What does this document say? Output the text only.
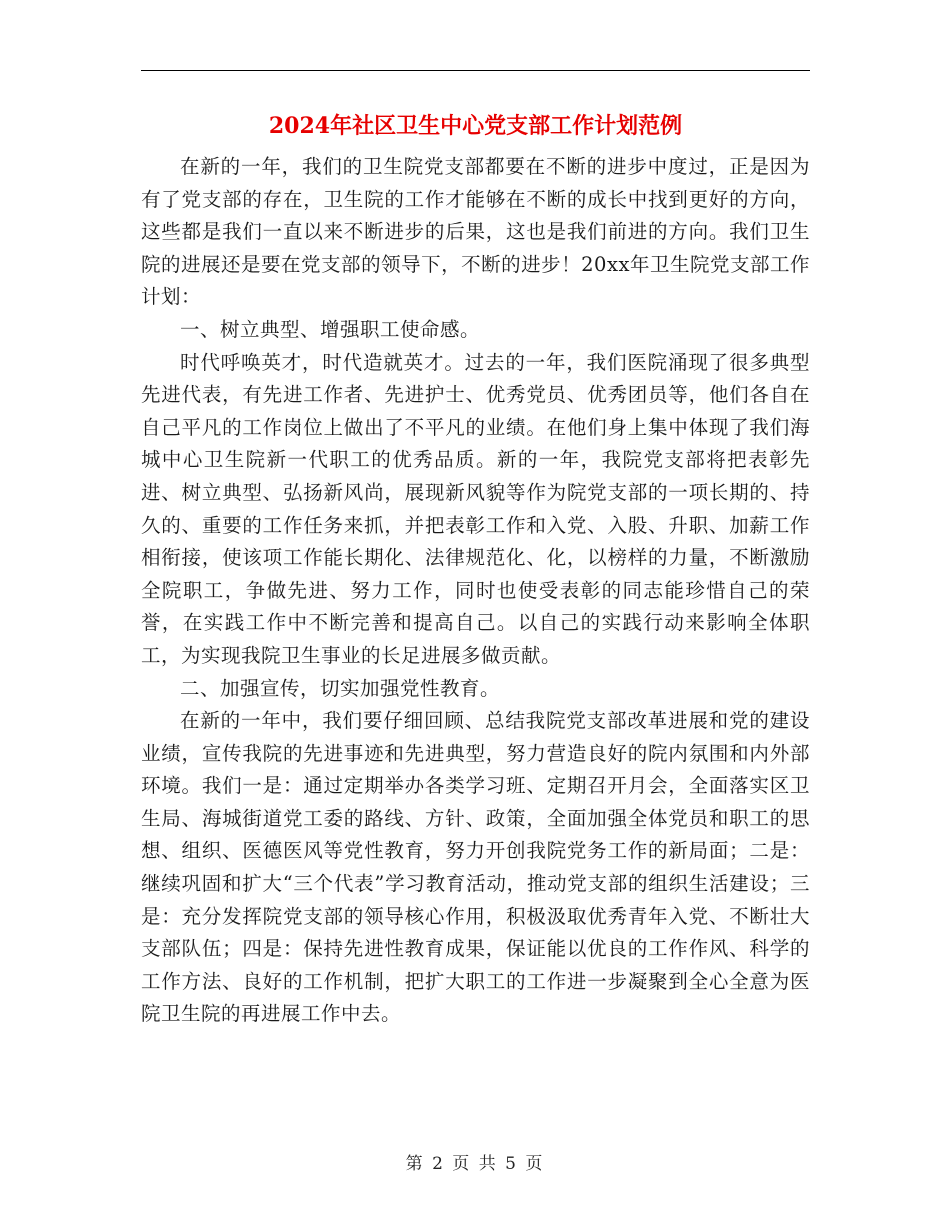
2024年社区卫生中心党支部工作计划范例

在新的一年，我们的卫生院党支部都要在不断的进步中度过，正是因为有了党支部的存在，卫生院的工作才能够在不断的成长中找到更好的方向，这些都是我们一直以来不断进步的后果，这也是我们前进的方向。我们卫生院的进展还是要在党支部的领导下，不断的进步！20xx年卫生院党支部工作计划：

一、树立典型、增强职工使命感。

时代呼唤英才，时代造就英才。过去的一年，我们医院涌现了很多典型先进代表，有先进工作者、先进护士、优秀党员、优秀团员等，他们各自在自己平凡的工作岗位上做出了不平凡的业绩。在他们身上集中体现了我们海城中心卫生院新一代职工的优秀品质。新的一年，我院党支部将把表彰先进、树立典型、弘扬新风尚，展现新风貌等作为院党支部的一项长期的、持久的、重要的工作任务来抓，并把表彰工作和入党、入股、升职、加薪工作相衔接，使该项工作能长期化、法律规范化、化，以榜样的力量，不断激励全院职工，争做先进、努力工作，同时也使受表彰的同志能珍惜自己的荣誉，在实践工作中不断完善和提高自己。以自己的实践行动来影响全体职工，为实现我院卫生事业的长足进展多做贡献。

二、加强宣传，切实加强党性教育。

在新的一年中，我们要仔细回顾、总结我院党支部改革进展和党的建设业绩，宣传我院的先进事迹和先进典型，努力营造良好的院内氛围和内外部环境。我们一是：通过定期举办各类学习班、定期召开月会，全面落实区卫生局、海城街道党工委的路线、方针、政策，全面加强全体党员和职工的思想、组织、医德医风等党性教育，努力开创我院党务工作的新局面；二是：继续巩固和扩大“三个代表”学习教育活动，推动党支部的组织生活建设；三是：充分发挥院党支部的领导核心作用，积极汲取优秀青年入党、不断壮大支部队伍；四是：保持先进性教育成果，保证能以优良的工作作风、科学的工作方法、良好的工作机制，把扩大职工的工作进一步凝聚到全心全意为医院卫生院的再进展工作中去。

第 2 页 共 5 页
